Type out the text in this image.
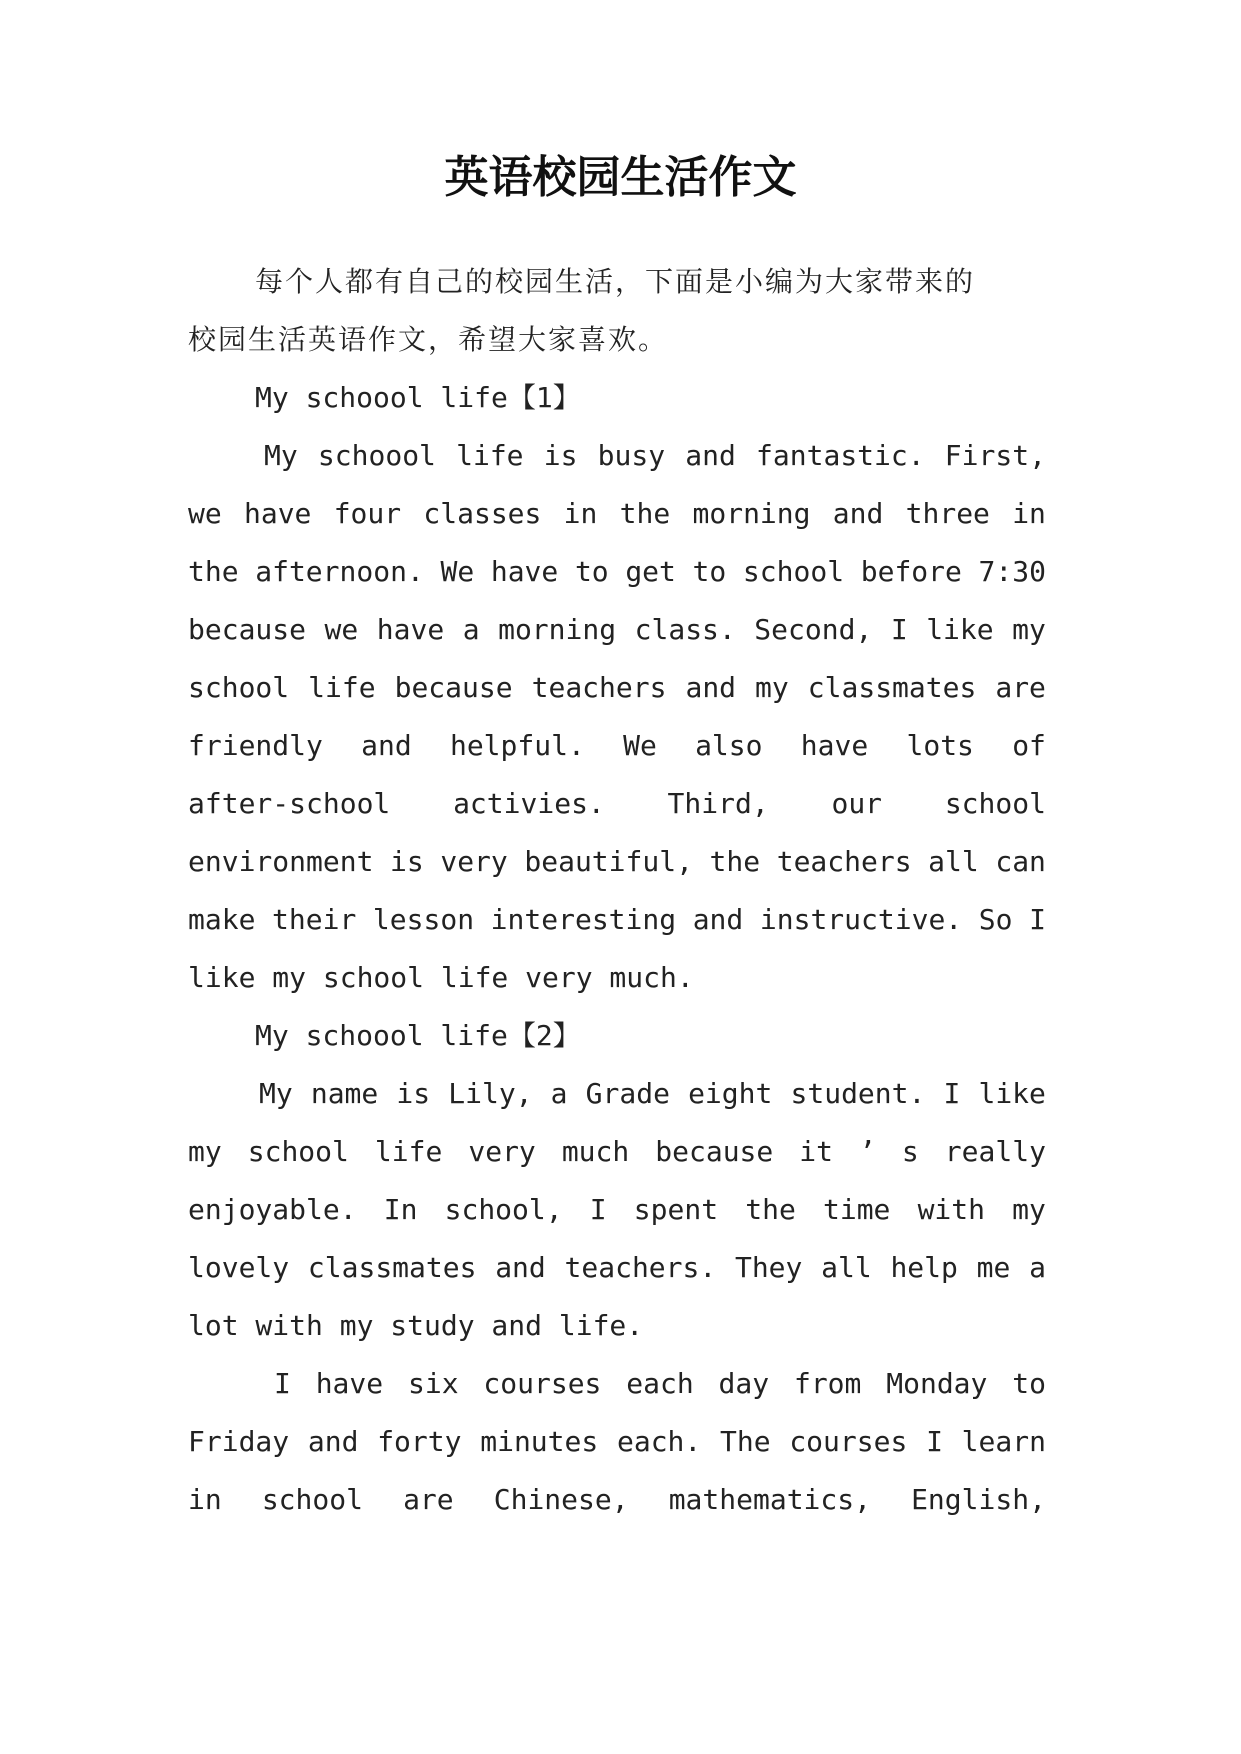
英语校园生活作文
每个人都有自己的校园生活，下面是小编为大家带来的
校园生活英语作文，希望大家喜欢。
My schoool life【1】
My schoool life is busy and fantastic. First,
we have four classes in the morning and three in
the afternoon. We have to get to school before 7:30
because we have a morning class. Second, I like my
school life because teachers and my classmates are
friendly and helpful. We also have lots of
after-school activies. Third, our school
environment is very beautiful, the teachers all can
make their lesson interesting and instructive. So I
like my school life very much.
My schoool life【2】
My name is Lily, a Grade eight student. I like
my school life very much because it ’ s really
enjoyable. In school, I spent the time with my
lovely classmates and teachers. They all help me a
lot with my study and life.
I have six courses each day from Monday to
Friday and forty minutes each. The courses I learn
in school are Chinese, mathematics, English,
